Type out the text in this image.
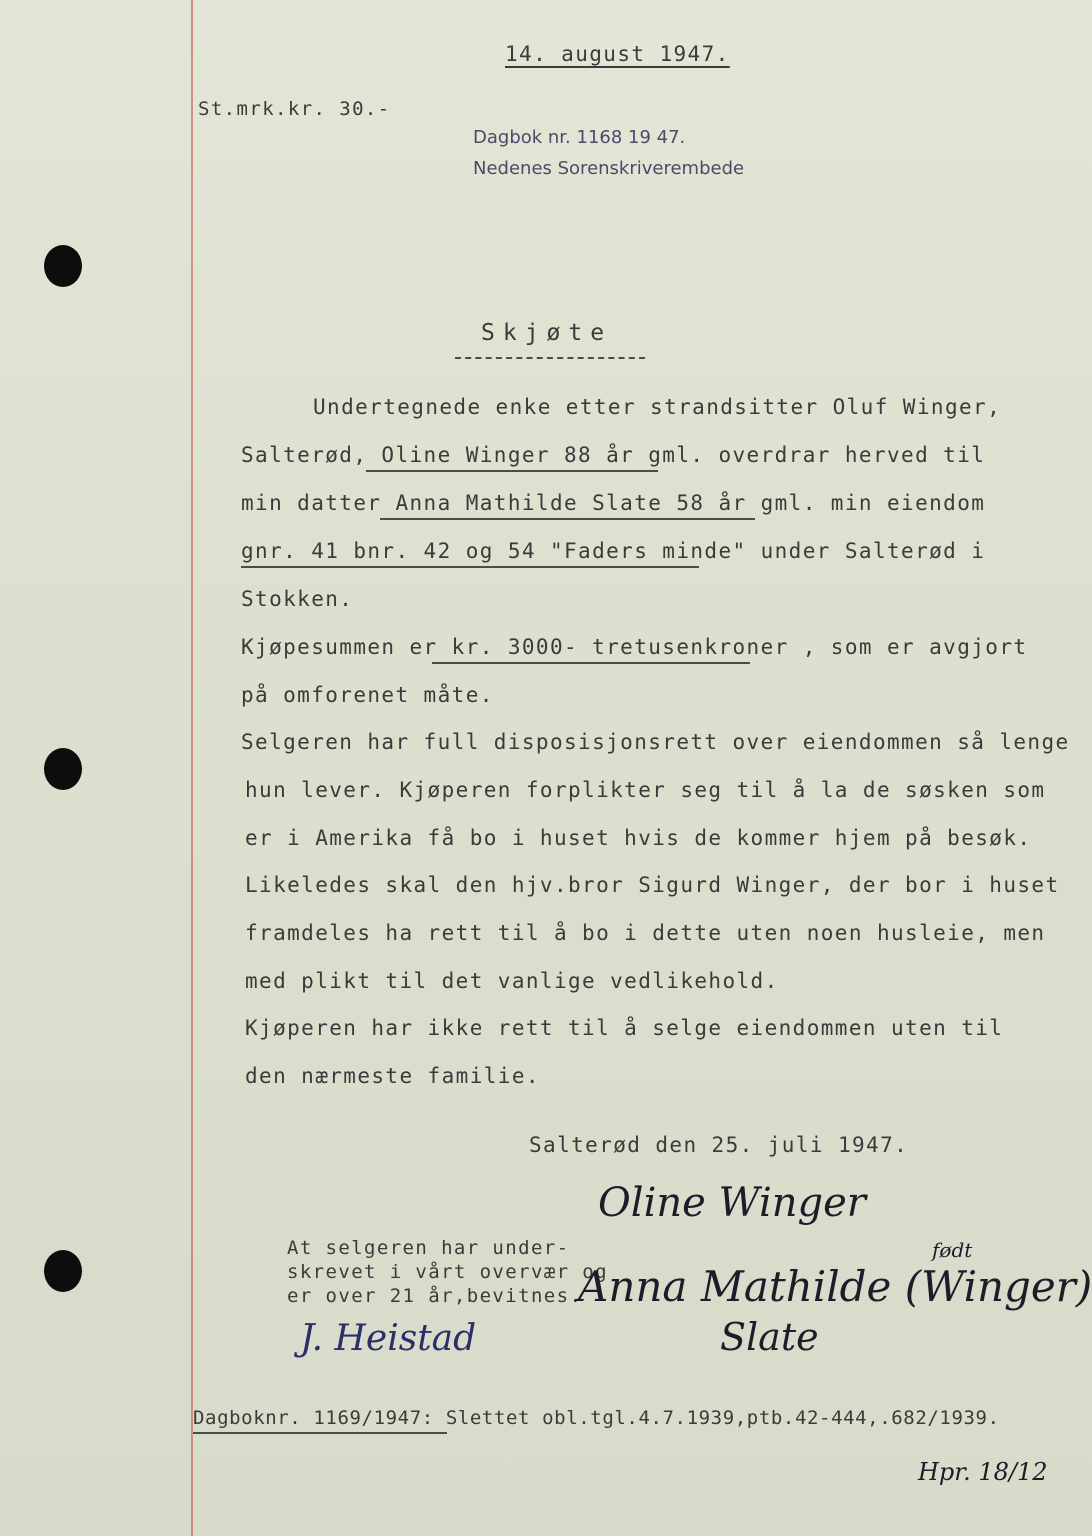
14. august 1947.
St.mrk.kr. 30.-
Dagbok nr. 1168 19 47.
Nedenes Sorenskriverembede
Skjøte
Undertegnede enke etter strandsitter Oluf Winger,
Salterød, Oline Winger 88 år gml. overdrar herved til
min datter Anna Mathilde Slate 58 år gml. min eiendom
gnr. 41 bnr. 42 og 54 "Faders minde" under Salterød i
Stokken.
Kjøpesummen er kr. 3000- tretusenkroner , som er avgjort
på omforenet måte.
Selgeren har full disposisjonsrett over eiendommen så lenge
hun lever. Kjøperen forplikter seg til å la de søsken som
er i Amerika få bo i huset hvis de kommer hjem på besøk.
Likeledes skal den hjv.bror Sigurd Winger, der bor i huset
framdeles ha rett til å bo i dette uten noen husleie, men
med plikt til det vanlige vedlikehold.
Kjøperen har ikke rett til å selge eiendommen uten til
den nærmeste familie.
Salterød den 25. juli 1947.
Oline Winger
At selgeren har under-
skrevet i vårt overvær og
er over 21 år,bevitnes.
født
Anna Mathilde (Winger)
Slate
J. Heistad
Dagboknr. 1169/1947: Slettet obl.tgl.4.7.1939,ptb.42-444,.682/1939.
Hpr. 18/12
